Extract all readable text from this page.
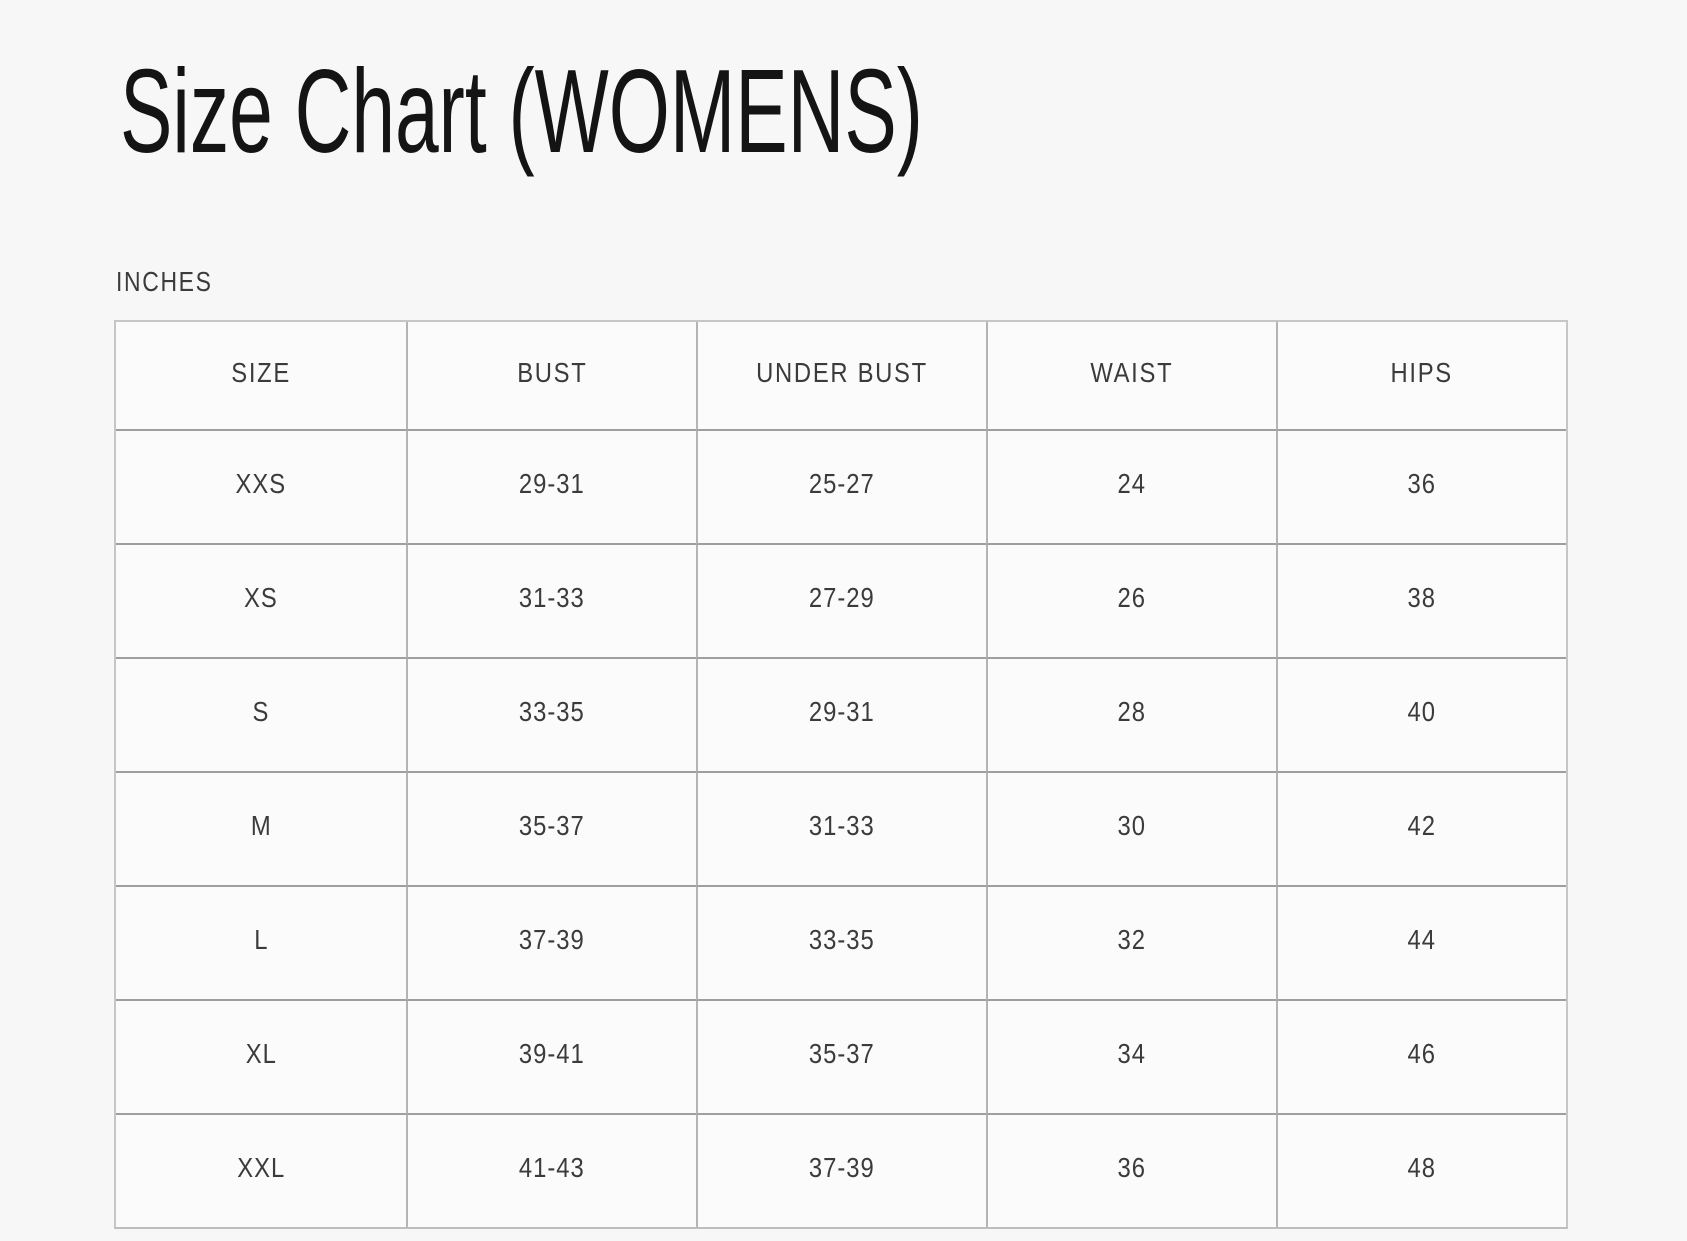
Size Chart (WOMENS)
INCHES
SIZE	BUST	UNDER BUST	WAIST	HIPS
XXS	29-31	25-27	24	36
XS	31-33	27-29	26	38
S	33-35	29-31	28	40
M	35-37	31-33	30	42
L	37-39	33-35	32	44
XL	39-41	35-37	34	46
XXL	41-43	37-39	36	48
